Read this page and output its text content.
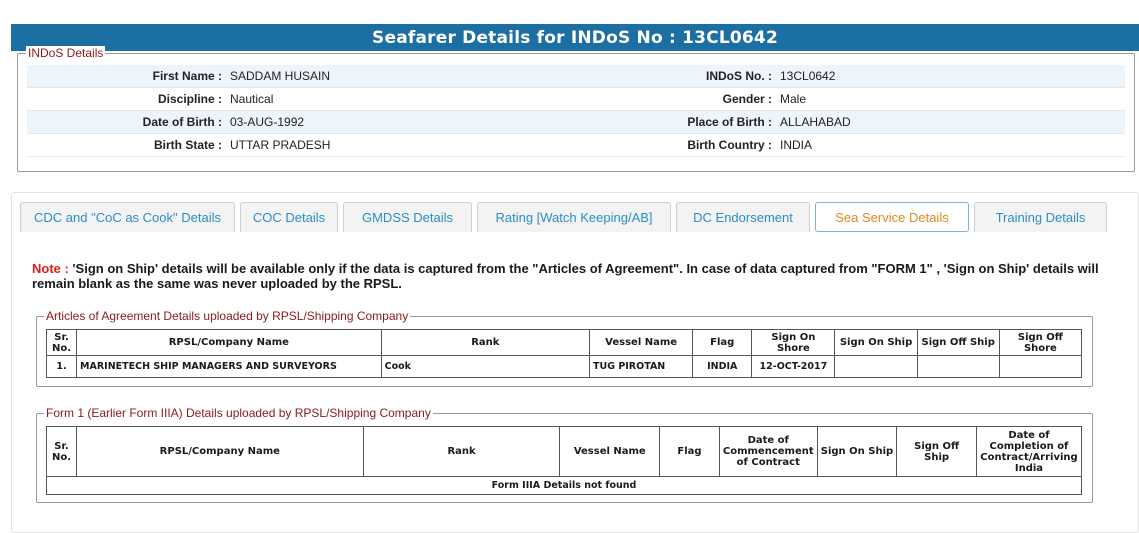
Seafarer Details for INDoS No : 13CL0642
INDoS Details
First Name : SADDAM HUSAIN	INDoS No. : 13CL0642
Discipline : Nautical	Gender : Male
Date of Birth : 03-AUG-1992	Place of Birth : ALLAHABAD
Birth State : UTTAR PRADESH	Birth Country : INDIA
CDC and "CoC as Cook" Details	COC Details	GMDSS Details	Rating [Watch Keeping/AB]	DC Endorsement	Sea Service Details	Training Details
Note : 'Sign on Ship' details will be available only if the data is captured from the "Articles of Agreement". In case of data captured from "FORM 1" , 'Sign on Ship' details will remain blank as the same was never uploaded by the RPSL.
Articles of Agreement Details uploaded by RPSL/Shipping Company
Sr. No.	RPSL/Company Name	Rank	Vessel Name	Flag	Sign On Shore	Sign On Ship	Sign Off Ship	Sign Off Shore
1.	MARINETECH SHIP MANAGERS AND SURVEYORS	Cook	TUG PIROTAN	INDIA	12-OCT-2017			
Form 1 (Earlier Form IIIA) Details uploaded by RPSL/Shipping Company
Sr. No.	RPSL/Company Name	Rank	Vessel Name	Flag	Date of Commencement of Contract	Sign On Ship	Sign Off Ship	Date of Completion of Contract/Arriving India
Form IIIA Details not found
